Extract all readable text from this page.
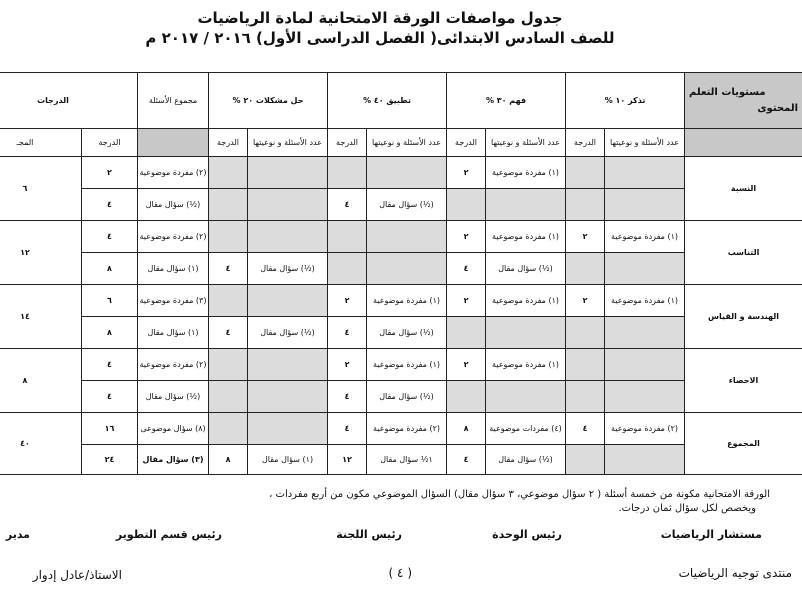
جدول مواصفات الورقة الامتحانية لمادة الرياضيات
للصف السادس الابتدائى( الفصل الدراسى الأول) ٢٠١٦ / ٢٠١٧ م
مستويات التعلم
المحتوى	تذكر ١٠ %		فهم ٣٠ %		تطبيق ٤٠ %		حل مشكلات ٢٠ %		مجموع الأسئلة	الدرجات	
	عدد الأسئلة و نوعيتها	الدرجة	عدد الأسئلة و نوعيتها	الدرجة	عدد الأسئلة و نوعيتها	الدرجة	عدد الأسئلة و نوعيتها	الدرجة		الدرجة	المجـ
النسبة			(١) مفردة موضوعية	٢					(٢) مفردة موضوعية	٢	٦
					(½) سؤال مقال	٤			(½) سؤال مقال	٤	
التناسب	(١) مفردة موضوعية	٢	(١) مفردة موضوعية	٢					(٢) مفردة موضوعية	٤	١٢
			(½) سؤال مقال	٤			(½) سؤال مقال	٤	(١) سؤال مقال	٨	
الهندسة و القياس	(١) مفردة موضوعية	٢	(١) مفردة موضوعية	٢	(١) مفردة موضوعية	٢			(٣) مفردة موضوعية	٦	١٤
					(½) سؤال مقال	٤	(½) سؤال مقال	٤	(١) سؤال مقال	٨	
الاحصاء			(١) مفردة موضوعية	٢	(١) مفردة موضوعية	٢			(٢) مفردة موضوعية	٤	٨
					(½) سؤال مقال	٤			(½) سؤال مقال	٤	
المجموع	(٢) مفردة موضوعية	٤	(٤) مفردات موضوعية	٨	(٢) مفردة موضوعية	٤			(٨) سؤال موضوعى	١٦	٤٠
			(½) سؤال مقال	٤	١½ سؤال مقال	١٢	(١) سؤال مقال	٨	(٣) سؤال مقال	٢٤	
الورقة الامتحانية مكونة من خمسة أسئلة ( ٢ سؤال موضوعي، ٣ سؤال مقال) السؤال الموضوعي مكون من أربع مفردات ،
ويخصص لكل سؤال ثمان درجات.
مستشار الرياضيات
رئيس الوحدة
رئيس اللجنة
رئيس قسم التطوير
مدير
منتدى توجيه الرياضيات
( ٤ )
الاستاذ/عادل إدوار
